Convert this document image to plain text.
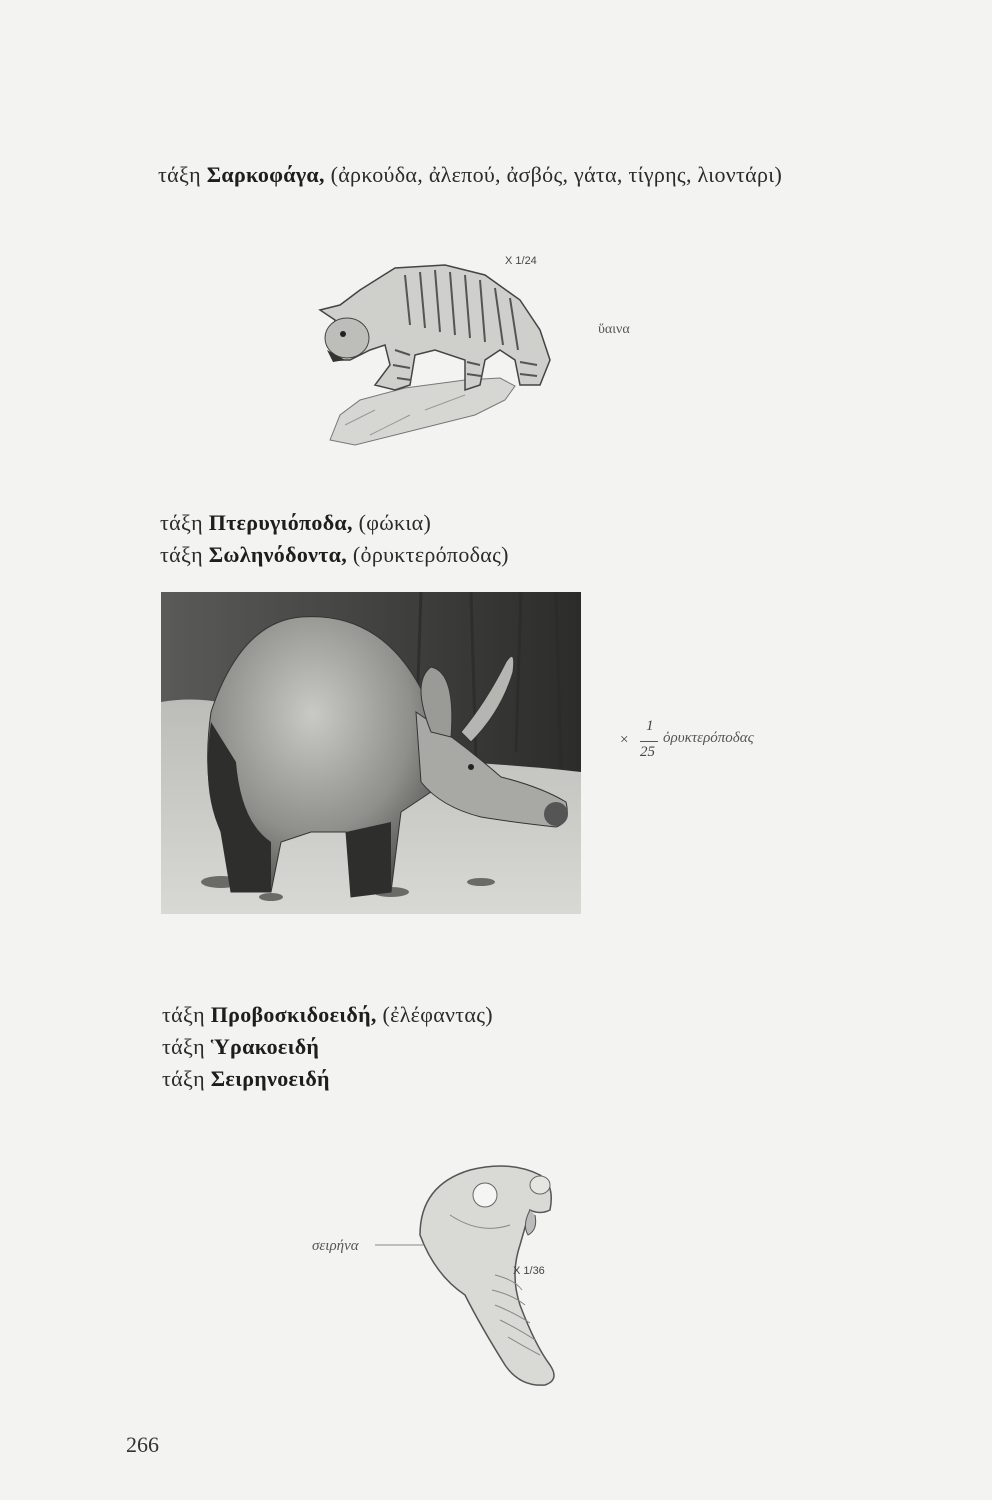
τάξη Σαρκοφάγα, (ἀρκούδα, ἀλεπού, ἀσβός, γάτα, τίγρης, λιοντάρι)
X 1/24
ὕαινα
τάξη Πτερυγιόποδα, (φώκια)
τάξη Σωληνόδοντα, (ὀρυκτερόποδας)
×
1
25
ὀρυκτερόποδας
τάξη Προβοσκιδοειδή, (ἐλέφαντας)
τάξη Ὑρακοειδή
τάξη Σειρηνοειδή
σειρήνα
X 1/36
266
